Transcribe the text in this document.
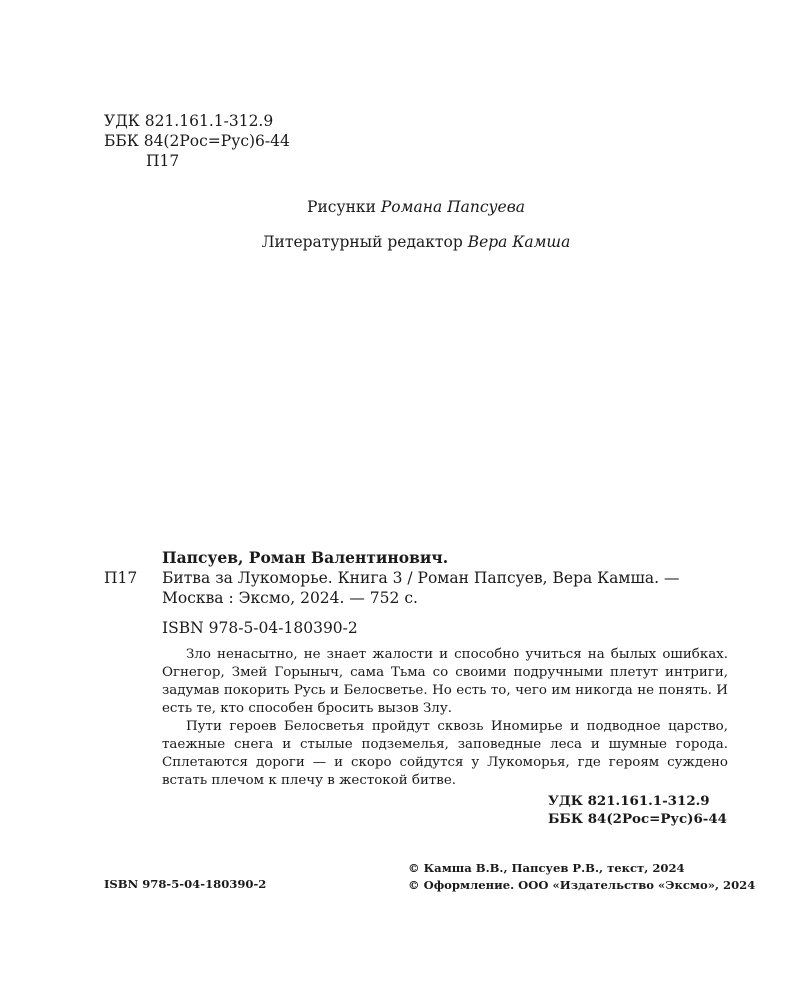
УДК 821.161.1-312.9
ББК 84(2Рос=Рус)6-44
П17
Рисунки Романа Папсуева
Литературный редактор Вера Камша
Папсуев, Роман Валентинович.
П17 Битва за Лукоморье. Книга 3 / Роман Папсуев, Вера Камша. —
Москва : Эксмо, 2024. — 752 с.
ISBN 978-5-04-180390-2

Зло ненасытно, не знает жалости и способно учиться на былых ошибках. Огнегор, Змей Горыныч, сама Тьма со своими подручными плетут интриги, задумав покорить Русь и Белосветье. Но есть то, чего им никогда не понять. И есть те, кто способен бросить вызов Злу.

Пути героев Белосветья пройдут сквозь Иномирье и подводное царство, таежные снега и стылые подземелья, заповедные леса и шумные города. Сплетаются дороги — и скоро сойдутся у Лукоморья, где героям суждено встать плечом к плечу в жестокой битве.

УДК 821.161.1-312.9
ББК 84(2Рос=Рус)6-44
ISBN 978-5-04-180390-2
© Камша В.В., Папсуев Р.В., текст, 2024
© Оформление. ООО «Издательство «Эксмо», 2024
